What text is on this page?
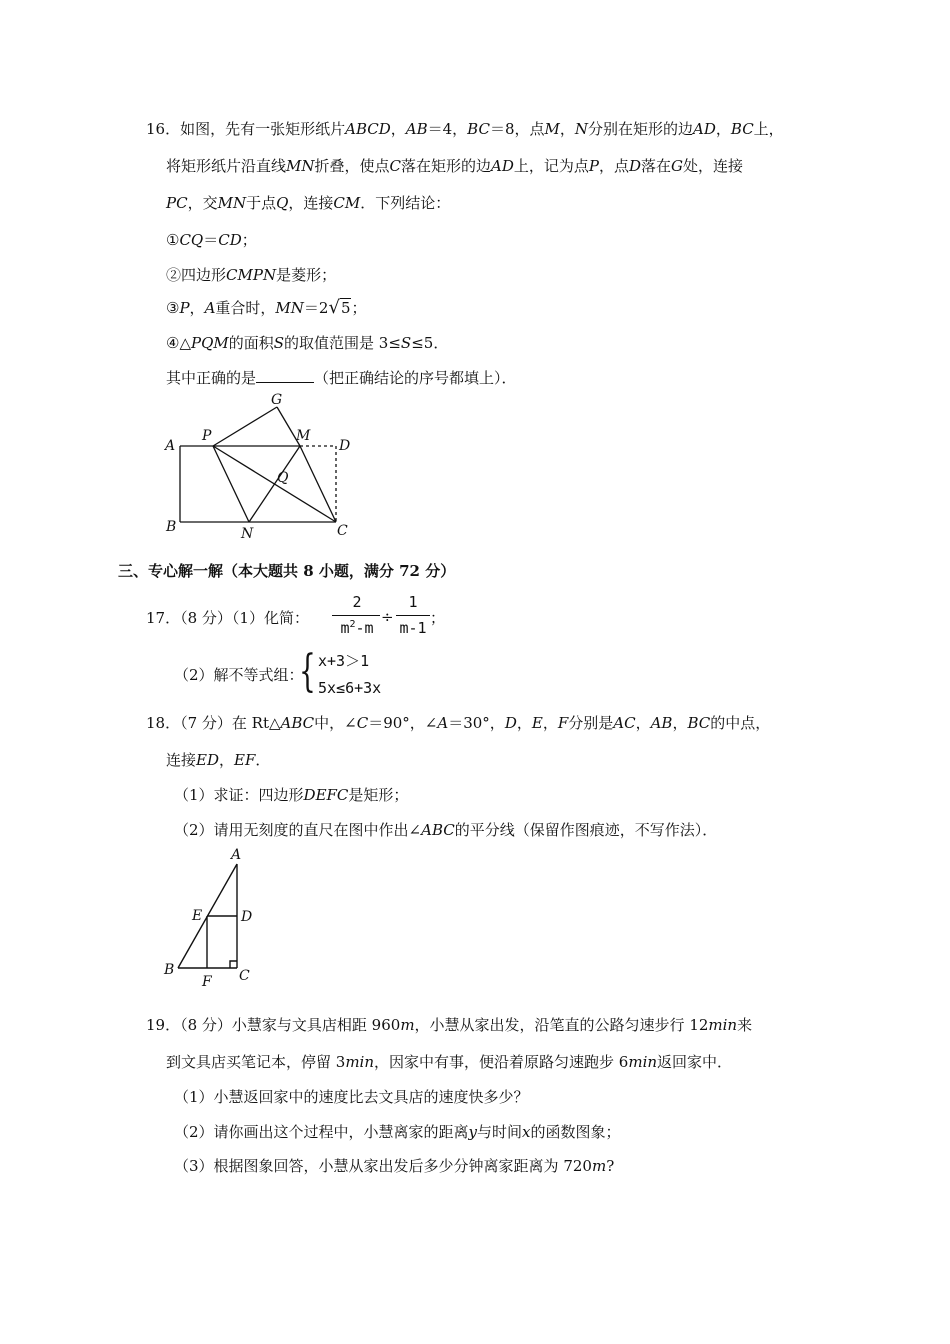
16．如图，先有一张矩形纸片ABCD，AB＝4，BC＝8，点M，N分别在矩形的边AD，BC上，
将矩形纸片沿直线MN折叠，使点C落在矩形的边AD上，记为点P，点D落在G处，连接
PC，交MN于点Q，连接CM．下列结论：
①CQ＝CD；
②四边形CMPN是菱形；
③P，A重合时，MN＝2√5；
④△PQM的面积S的取值范围是 3≤S≤5．
其中正确的是	（把正确结论的序号都填上）．
A
P
G
M
D
Q
B	N	C
三、专心解一解（本大题共 8 小题，满分 72 分）
17．（8 分）（1）化简：
2
$m^2-m$
÷
1
m-1
；
（2）解不等式组：
{ x+3＞1
5x≤6+3x
18．（7 分）在 Rt△ABC中，∠C＝90°，∠A＝30°，D，E，F分别是AC，AB，BC的中点，
连接ED，EF．
（1）求证：四边形DEFC是矩形；
（2）请用无刻度的直尺在图中作出∠ABC的平分线（保留作图痕迹，不写作法）．
A
E	D
B
F C
19．（8 分）小慧家与文具店相距 960m，小慧从家出发，沿笔直的公路匀速步行 12min来
到文具店买笔记本，停留 3min，因家中有事，便沿着原路匀速跑步 6min返回家中．
（1）小慧返回家中的速度比去文具店的速度快多少？
（2）请你画出这个过程中，小慧离家的距离y与时间x的函数图象；
（3）根据图象回答，小慧从家出发后多少分钟离家距离为 720m?
